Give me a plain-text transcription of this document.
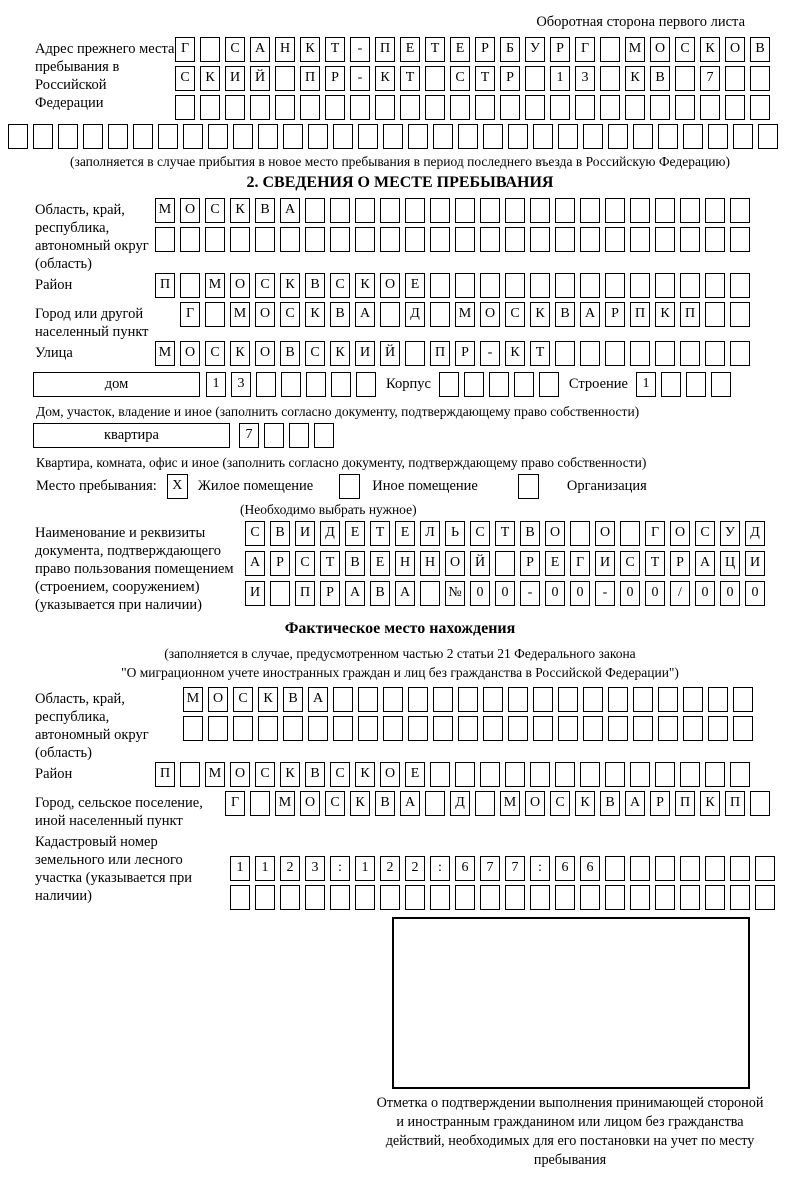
Оборотная сторона первого листа
Адрес прежнего места пребывания в Российской Федерации
Г	С А Н К Т - П Е Т Е Р Б У Р Г	М О С К О В
С К И Й	П Р - К Т	С Т Р	1 3	К В	7
(заполняется в случае прибытия в новое место пребывания в период последнего въезда в Российскую Федерацию)
2. СВЕДЕНИЯ О МЕСТЕ ПРЕБЫВАНИЯ
Область, край, республика, автономный округ (область)
М О С К В А
Район	П	М О С К В С К О Е
Город или другой населенный пункт
Г	М О С К В А	Д	М О С К В А Р П К П
Улица	М О С К О В С К И Й	П Р - К Т
дом	1 3	Корпус	Строение	1
Дом, участок, владение и иное (заполнить согласно документу, подтверждающему право собственности)
квартира	7
Квартира, комната, офис и иное (заполнить согласно документу, подтверждающему право собственности)
Место пребывания:	X	Жилое помещение	Иное помещение	Организация
(Необходимо выбрать нужное)
Наименование и реквизиты документа, подтверждающего право пользования помещением (строением, сооружением) (указывается при наличии)
С В И Д Е Т Е Л Ь С Т В О	О	Г О С У Д
А Р С Т В Е Н Н О Й	Р Е Г И С Т Р А Ц И
И	П Р А В А	№ 0 0 - 0 0 - 0 0 / 0 0 0
Фактическое место нахождения
(заполняется в случае, предусмотренном частью 2 статьи 21 Федерального закона
"О миграционном учете иностранных граждан и лиц без гражданства в Российской Федерации")
Область, край, республика, автономный округ (область)
М О С К В А
Район	П	М О С К В С К О Е
Город, сельское поселение, иной населенный пункт
Г	М О С К В А	Д	М О С К В А Р П К П
Кадастровый номер земельного или лесного участка (указывается при наличии)
1 1 2 3 : 1 2 2 : 6 7 7 : 6 6
Отметка о подтверждении выполнения принимающей стороной и иностранным гражданином или лицом без гражданства действий, необходимых для его постановки на учет по месту пребывания
